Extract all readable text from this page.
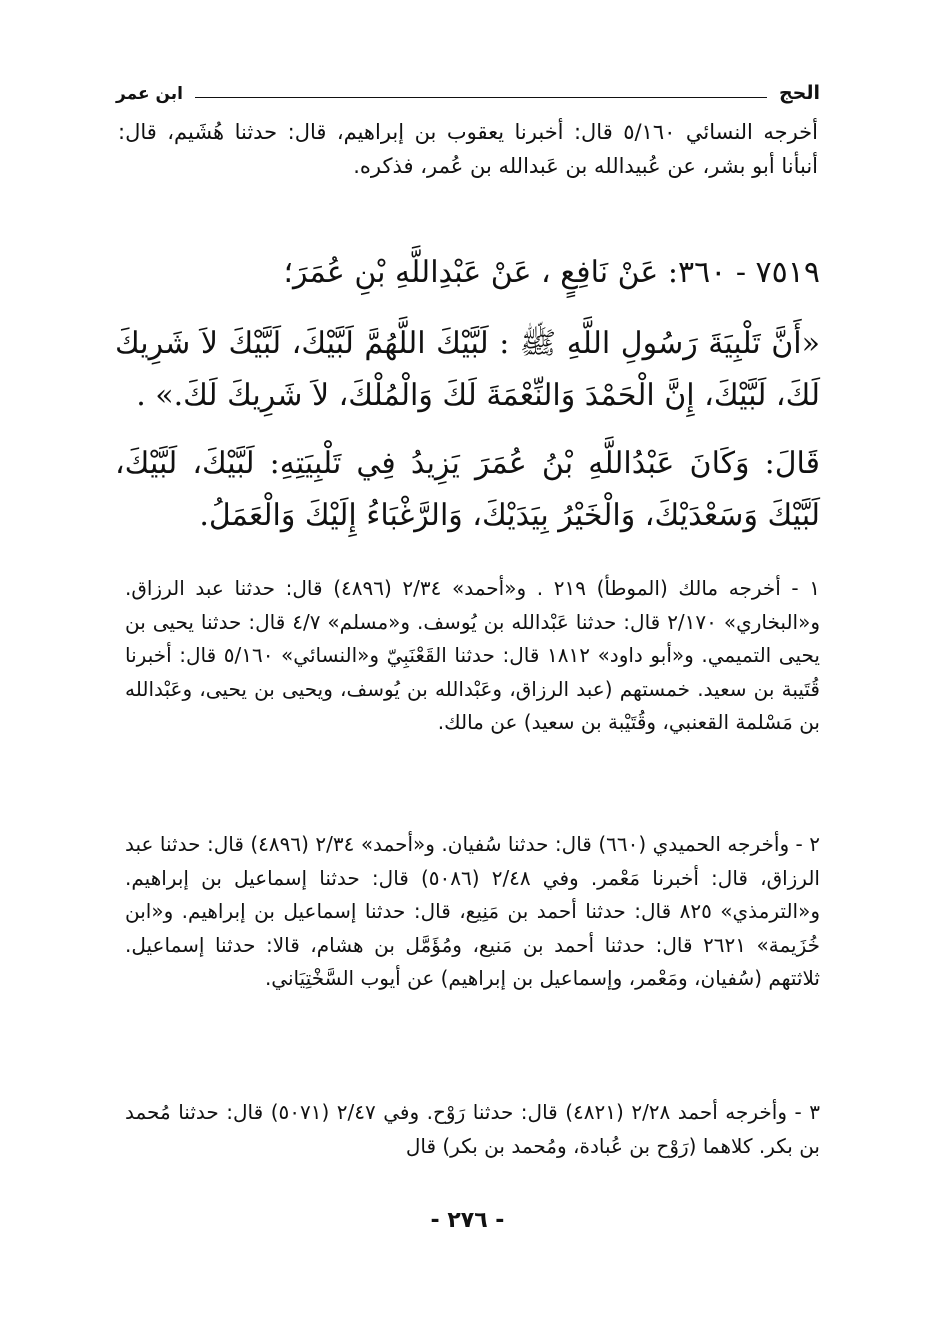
الحج
ابن عمر
أخرجه النسائي ٥/١٦٠ قال: أخبرنا يعقوب بن إبراهيم، قال: حدثنا هُشَيم، قال: أنبأنا أبو بشر، عن عُبيدالله بن عَبدالله بن عُمر، فذكره.
٧٥١٩ - ٣٦٠: عَنْ نَافِعٍ ، عَنْ عَبْدِاللَّهِ بْنِ عُمَرَ؛
«أَنَّ تَلْبِيَةَ رَسُولِ اللَّهِ ﷺ : لَبَّيْكَ اللَّهُمَّ لَبَّيْكَ، لَبَّيْكَ لاَ شَرِيكَ لَكَ، لَبَّيْكَ، إِنَّ الْحَمْدَ وَالنِّعْمَةَ لَكَ وَالْمُلْكَ، لاَ شَرِيكَ لَكَ.» .
قَالَ: وَكَانَ عَبْدُاللَّهِ بْنُ عُمَرَ يَزِيدُ فِي تَلْبِيَتِهِ: لَبَّيْكَ، لَبَّيْكَ، لَبَّيْكَ وَسَعْدَيْكَ، وَالْخَيْرُ بِيَدَيْكَ، وَالرَّغْبَاءُ إِلَيْكَ وَالْعَمَلُ.
١ - أخرجه مالك (الموطأ) ٢١٩ . و«أحمد» ٢/٣٤ (٤٨٩٦) قال: حدثنا عبد الرزاق. و«البخاري» ٢/١٧٠ قال: حدثنا عَبْدالله بن يُوسف. و«مسلم» ٤/٧ قال: حدثنا يحيى بن يحيى التميمي. و«أبو داود» ١٨١٢ قال: حدثنا القَعْنَبِيّ و«النسائي» ٥/١٦٠ قال: أخبرنا قُتَيبة بن سعيد. خمستهم (عبد الرزاق، وعَبْدالله بن يُوسف، ويحيى بن يحيى، وعَبْدالله بن مَسْلمة القعنبي، وقُتَيْبة بن سعيد) عن مالك.
٢ - وأخرجه الحميدي (٦٦٠) قال: حدثنا سُفيان. و«أحمد» ٢/٣٤ (٤٨٩٦) قال: حدثنا عبد الرزاق، قال: أخبرنا مَعْمر. وفي ٢/٤٨ (٥٠٨٦) قال: حدثنا إسماعيل بن إبراهيم. و«الترمذي» ٨٢٥ قال: حدثنا أحمد بن مَنِيع، قال: حدثنا إسماعيل بن إبراهيم. و«ابن خُزَيمة» ٢٦٢١ قال: حدثنا أحمد بن مَنيع، ومُؤَمَّل بن هشام، قالا: حدثنا إسماعيل. ثلاثتهم (سُفيان، ومَعْمر، وإسماعيل بن إبراهيم) عن أيوب السَّخْتِيَاني.
٣ - وأخرجه أحمد ٢/٢٨ (٤٨٢١) قال: حدثنا رَوْح. وفي ٢/٤٧ (٥٠٧١) قال: حدثنا مُحمد بن بكر. كلاهما (رَوْح بن عُبادة، ومُحمد بن بكر) قال
- ٢٧٦ -
